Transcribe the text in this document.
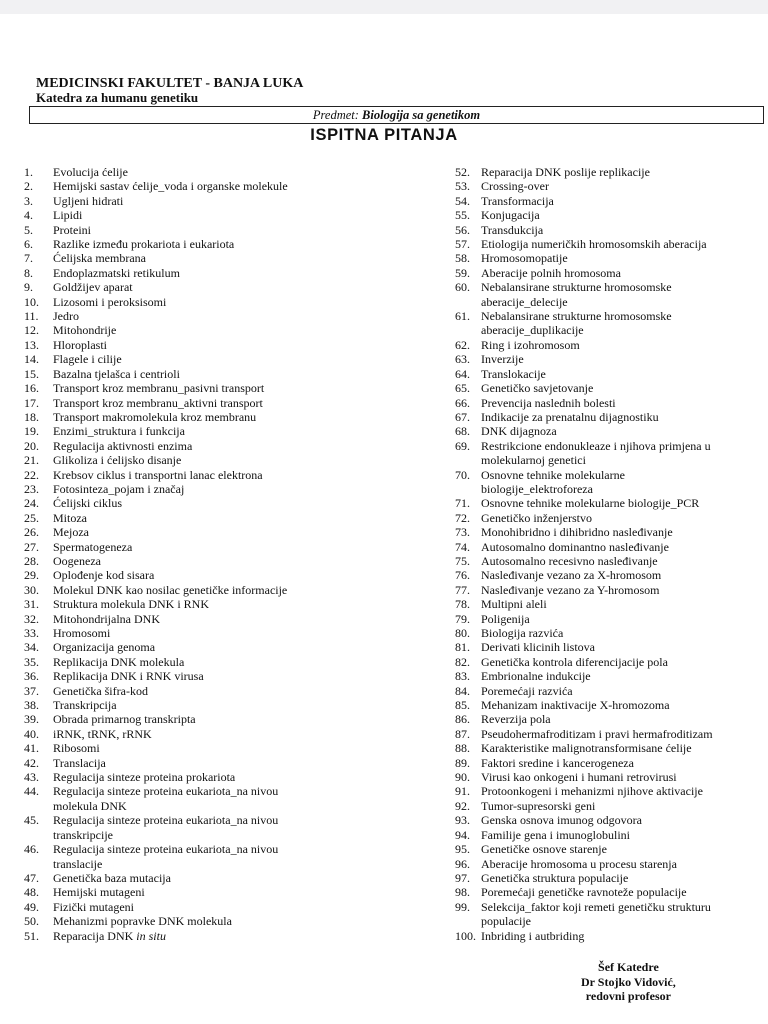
MEDICINSKI FAKULTET - BANJA LUKA
Katedra za humanu genetiku
Predmet: Biologija sa genetikom
ISPITNA PITANJA
1.	Evolucija ćelije
2.	Hemijski sastav ćelije_voda i organske molekule
3.	Ugljeni hidrati
4.	Lipidi
5.	Proteini
6.	Razlike između prokariota i eukariota
7.	Ćelijska membrana
8.	Endoplazmatski retikulum
9.	Goldžijev aparat
10.	Lizosomi i peroksisomi
11.	Jedro
12.	Mitohondrije
13.	Hloroplasti
14.	Flagele i cilije
15.	Bazalna tjelašca i centrioli
16.	Transport kroz membranu_pasivni transport
17.	Transport kroz membranu_aktivni transport
18.	Transport makromolekula kroz membranu
19.	Enzimi_struktura i funkcija
20.	Regulacija aktivnosti enzima
21.	Glikoliza i ćelijsko disanje
22.	Krebsov ciklus i transportni lanac elektrona
23.	Fotosinteza_pojam i značaj
24.	Ćelijski ciklus
25.	Mitoza
26.	Mejoza
27.	Spermatogeneza
28.	Oogeneza
29.	Oplođenje kod sisara
30.	Molekul DNK kao nosilac genetičke informacije
31.	Struktura molekula DNK i RNK
32.	Mitohondrijalna DNK
33.	Hromosomi
34.	Organizacija genoma
35.	Replikacija DNK molekula
36.	Replikacija DNK i RNK virusa
37.	Genetička šifra-kod
38.	Transkripcija
39.	Obrada primarnog transkripta
40.	iRNK, tRNK, rRNK
41.	Ribosomi
42.	Translacija
43.	Regulacija sinteze proteina prokariota
44.	Regulacija sinteze proteina eukariota_na nivou
molekula DNK
45.	Regulacija sinteze proteina eukariota_na nivou
transkripcije
46.	Regulacija sinteze proteina eukariota_na nivou
translacije
47.	Genetička baza mutacija
48.	Hemijski mutageni
49.	Fizički mutageni
50.	Mehanizmi popravke DNK molekula
51.	Reparacija DNK in situ
52. Reparacija DNK poslije replikacije
53. Crossing-over
54. Transformacija
55. Konjugacija
56. Transdukcija
57. Etiologija numeričkih hromosomskih aberacija
58. Hromosomopatije
59. Aberacije polnih hromosoma
60. Nebalansirane strukturne hromosomske
aberacije_delecije
61. Nebalansirane strukturne hromosomske
aberacije_duplikacije
62. Ring i izohromosom
63. Inverzije
64. Translokacije
65. Genetičko savjetovanje
66. Prevencija naslednih bolesti
67. Indikacije za prenatalnu dijagnostiku
68. DNK dijagnoza
69. Restrikcione endonukleaze i njihova primjena u
molekularnoj genetici
70. Osnovne tehnike molekularne
biologije_elektroforeza
71. Osnovne tehnike molekularne biologije_PCR
72. Genetičko inženjerstvo
73. Monohibridno i dihibridno nasleđivanje
74. Autosomalno dominantno nasleđivanje
75. Autosomalno recesivno nasleđivanje
76. Nasleđivanje vezano za X-hromosom
77. Nasleđivanje vezano za Y-hromosom
78. Multipni aleli
79. Poligenija
80. Biologija razvića
81. Derivati klicinih listova
82. Genetička kontrola diferencijacije pola
83. Embrionalne indukcije
84. Poremećaji razvića
85. Mehanizam inaktivacije X-hromozoma
86. Reverzija pola
87. Pseudohermafroditizam i pravi hermafroditizam
88. Karakteristike malignotransformisane ćelije
89. Faktori sredine i kancerogeneza
90. Virusi kao onkogeni i humani retrovirusi
91. Protoonkogeni i mehanizmi njihove aktivacije
92. Tumor-supresorski geni
93. Genska osnova imunog odgovora
94. Familije gena i imunoglobulini
95. Genetičke osnove starenje
96. Aberacije hromosoma u procesu starenja
97. Genetička struktura populacije
98. Poremećaji genetičke ravnoteže populacije
99. Selekcija_faktor koji remeti genetičku strukturu
populacije
100. Inbriding i autbriding
Šef Katedre
Dr Stojko Vidović,
redovni profesor
